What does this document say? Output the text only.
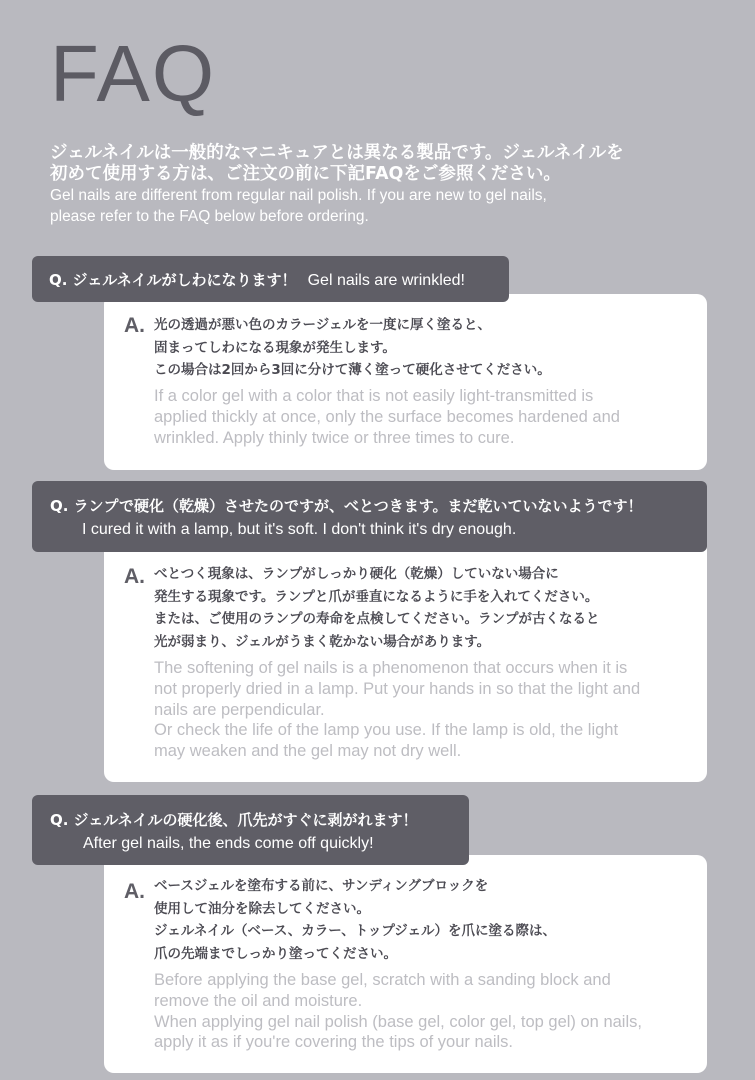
FAQ
ジェルネイルは一般的なマニキュアとは異なる製品です。ジェルネイルを
初めて使用する方は、ご注文の前に下記FAQをご参照ください。
Gel nails are different from regular nail polish. If you are new to gel nails,
please refer to the FAQ below before ordering.
A. 光の透過が悪い色のカラージェルを一度に厚く塗ると、
固まってしわになる現象が発生します。
この場合は2回から3回に分けて薄く塗って硬化させてください。
If a color gel with a color that is not easily light-transmitted is
applied thickly at once, only the surface becomes hardened and
wrinkled. Apply thinly twice or three times to cure.
Q. ジェルネイルがしわになります！ Gel nails are wrinkled!
A. べとつく現象は、ランプがしっかり硬化（乾燥）していない場合に
発生する現象です。ランプと爪が垂直になるように手を入れてください。
または、ご使用のランプの寿命を点検してください。ランプが古くなると
光が弱まり、ジェルがうまく乾かない場合があります。
The softening of gel nails is a phenomenon that occurs when it is
not properly dried in a lamp. Put your hands in so that the light and
nails are perpendicular.
Or check the life of the lamp you use. If the lamp is old, the light
may weaken and the gel may not dry well.
Q. ランプで硬化（乾燥）させたのですが、べとつきます。まだ乾いていないようです！
I cured it with a lamp, but it's soft. I don't think it's dry enough.
A. ベースジェルを塗布する前に、サンディングブロックを
使用して油分を除去してください。
ジェルネイル（ベース、カラー、トップジェル）を爪に塗る際は、
爪の先端までしっかり塗ってください。
Before applying the base gel, scratch with a sanding block and
remove the oil and moisture.
When applying gel nail polish (base gel, color gel, top gel) on nails,
apply it as if you're covering the tips of your nails.
Q. ジェルネイルの硬化後、爪先がすぐに剥がれます！
After gel nails, the ends come off quickly!
